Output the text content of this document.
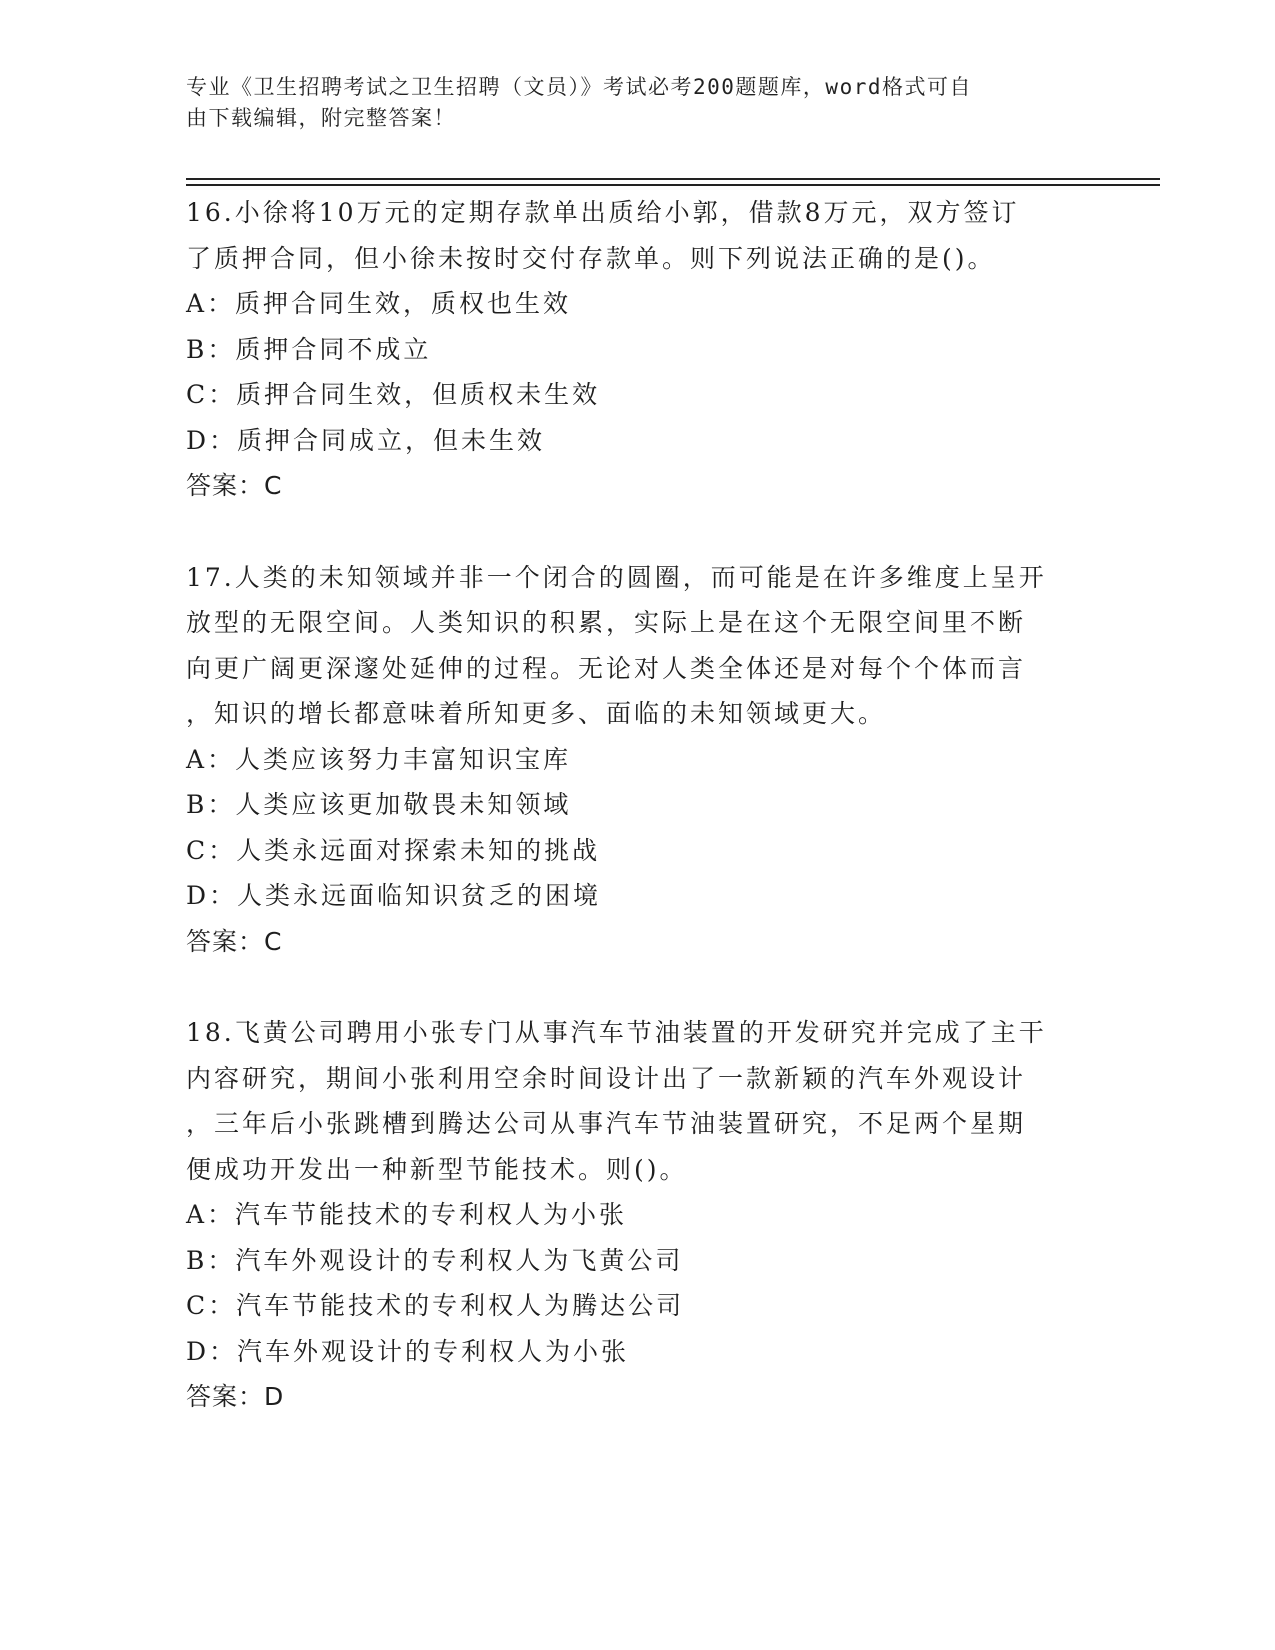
专业《卫生招聘考试之卫生招聘（文员）》考试必考200题题库，word格式可自
由下载编辑，附完整答案！
16.小徐将10万元的定期存款单出质给小郭，借款8万元，双方签订
了质押合同，但小徐未按时交付存款单。则下列说法正确的是()。
A：质押合同生效，质权也生效
B：质押合同不成立
C：质押合同生效，但质权未生效
D：质押合同成立，但未生效
答案：C
17.人类的未知领域并非一个闭合的圆圈，而可能是在许多维度上呈开
放型的无限空间。人类知识的积累，实际上是在这个无限空间里不断
向更广阔更深邃处延伸的过程。无论对人类全体还是对每个个体而言
，知识的增长都意味着所知更多、面临的未知领域更大。
A：人类应该努力丰富知识宝库
B：人类应该更加敬畏未知领域
C：人类永远面对探索未知的挑战
D：人类永远面临知识贫乏的困境
答案：C
18.飞黄公司聘用小张专门从事汽车节油装置的开发研究并完成了主干
内容研究，期间小张利用空余时间设计出了一款新颖的汽车外观设计
，三年后小张跳槽到腾达公司从事汽车节油装置研究，不足两个星期
便成功开发出一种新型节能技术。则()。
A：汽车节能技术的专利权人为小张
B：汽车外观设计的专利权人为飞黄公司
C：汽车节能技术的专利权人为腾达公司
D：汽车外观设计的专利权人为小张
答案：D
